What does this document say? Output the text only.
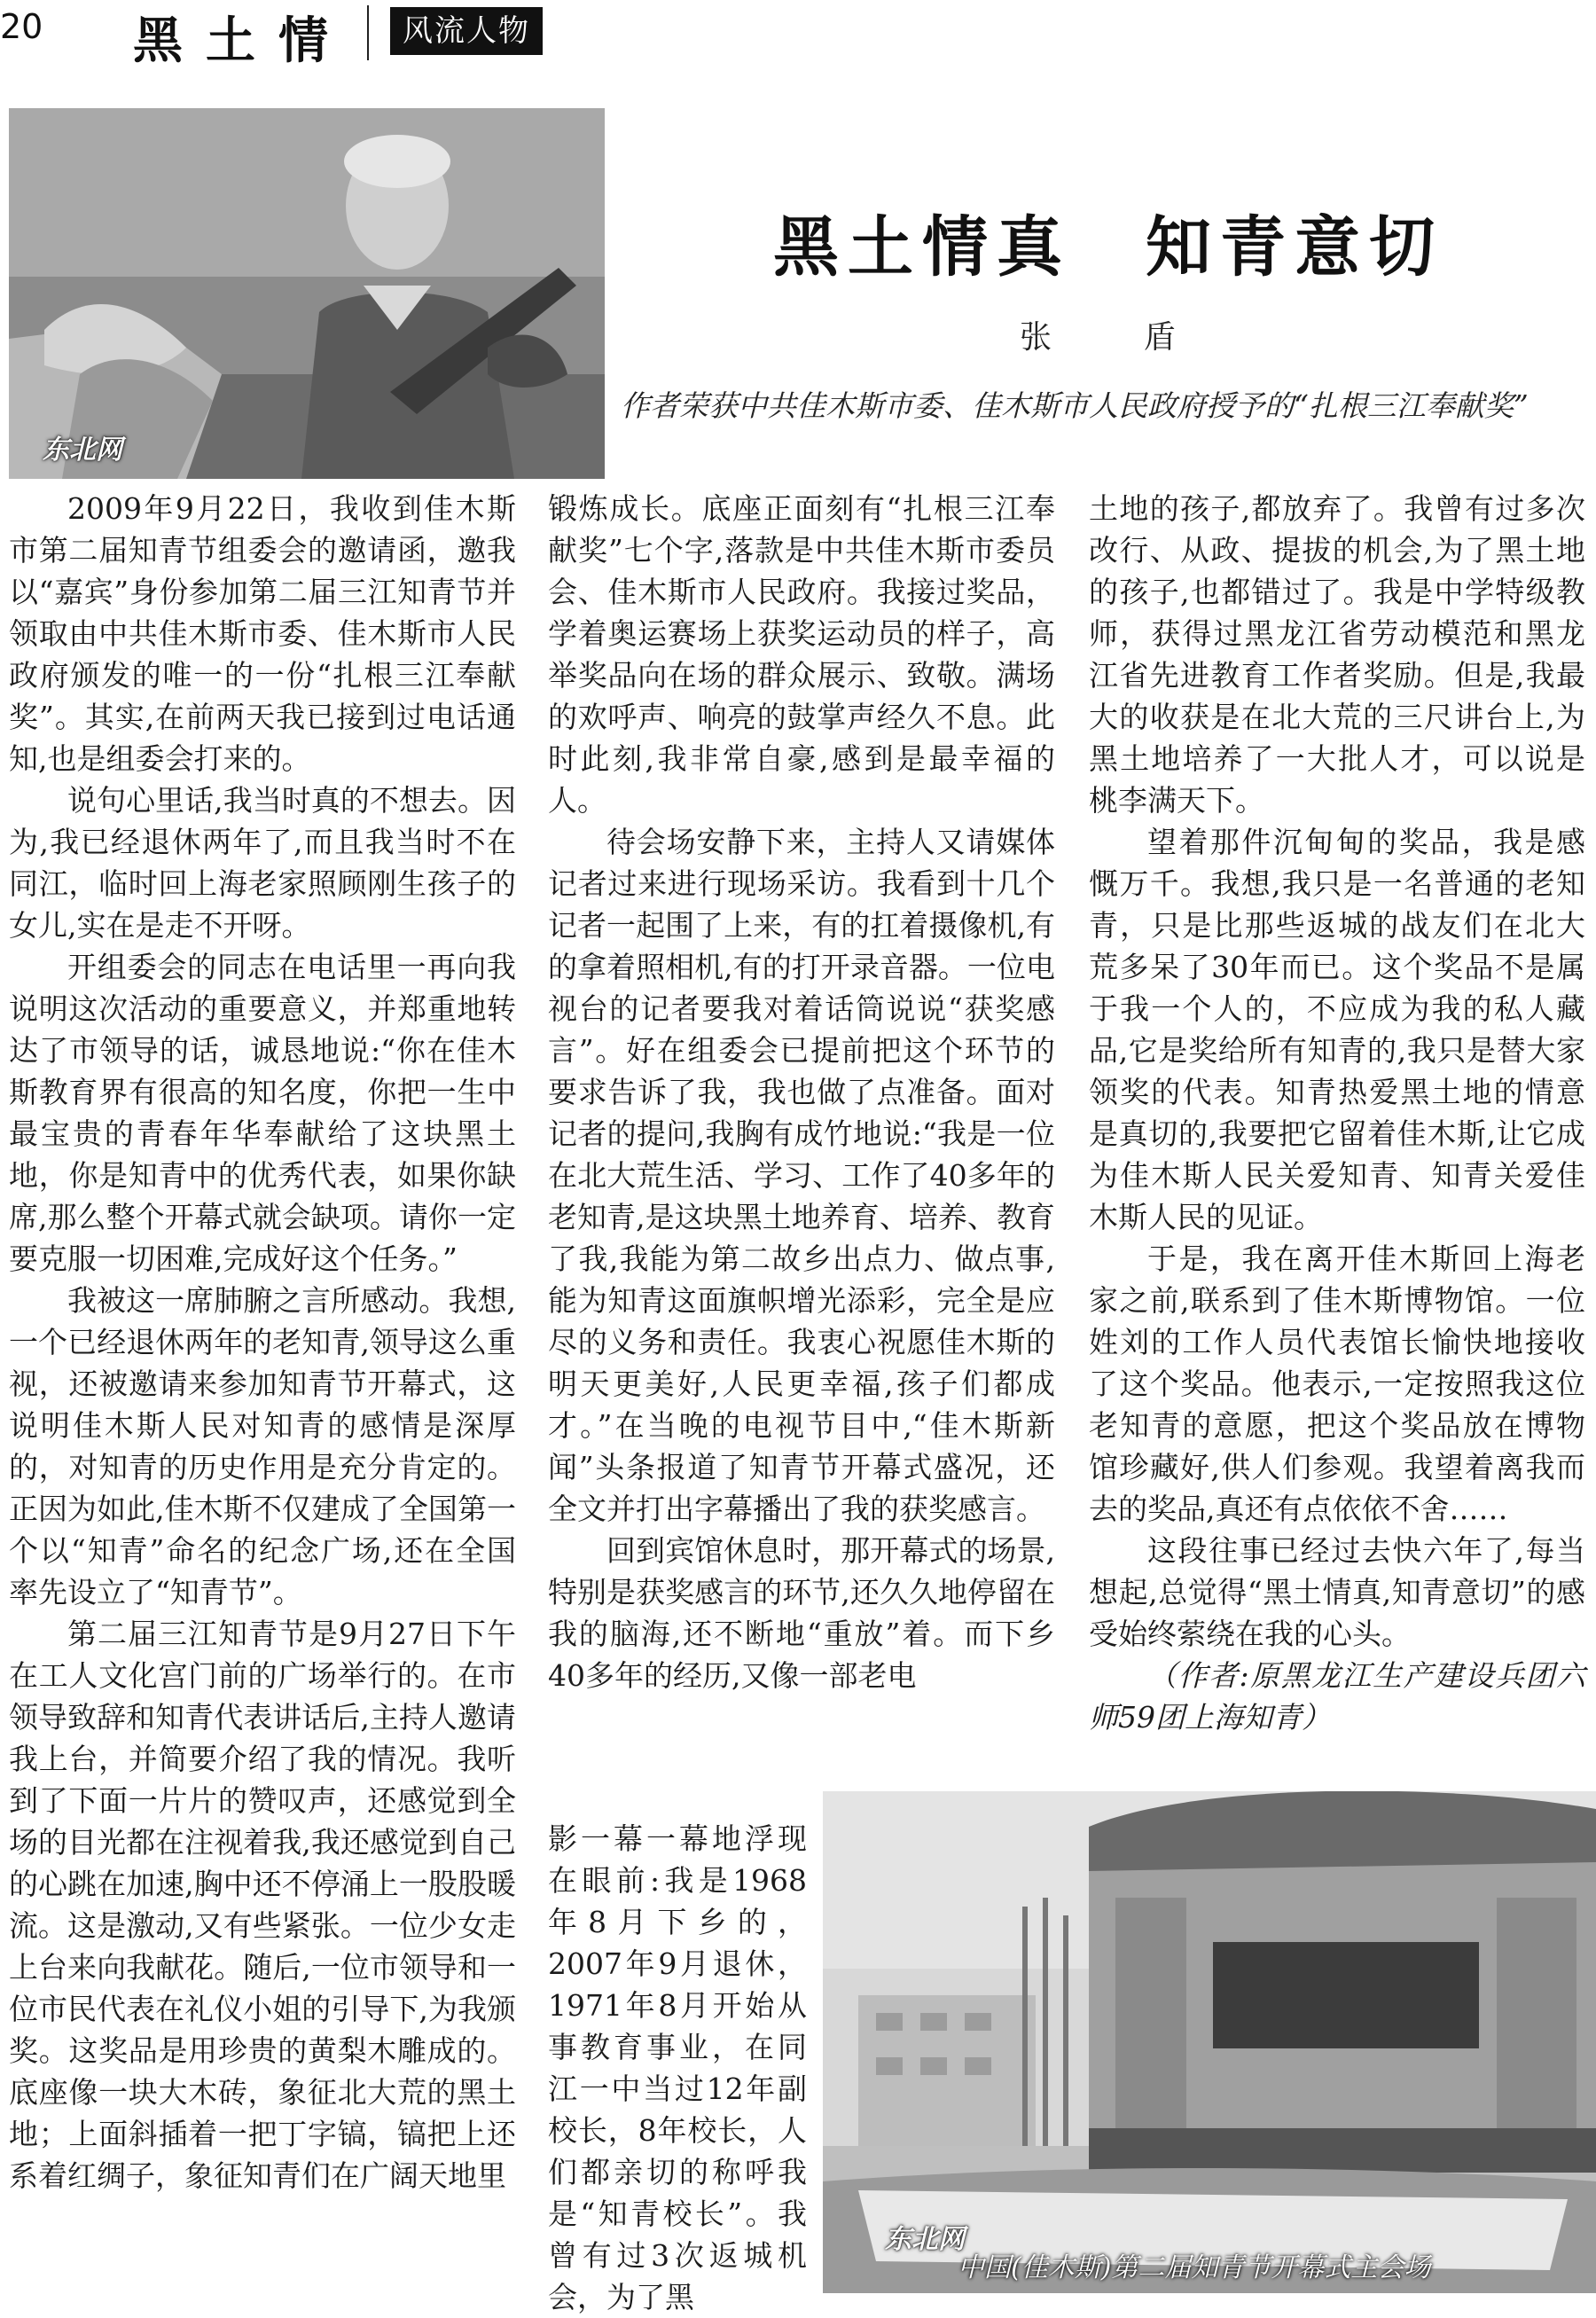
20 黑土情	风流人物
东北网
黑土情真　知青意切
张　盾
作者荣获中共佳木斯市委、佳木斯市人民政府授予的“扎根三江奉献奖”

2009年9月22日，我收到佳木斯市第二届知青节组委会的邀请函，邀我以“嘉宾”身份参加第二届三江知青节并领取由中共佳木斯市委、佳木斯市人民政府颁发的唯一的一份“扎根三江奉献奖”。其实,在前两天我已接到过电话通知,也是组委会打来的。

说句心里话,我当时真的不想去。因为,我已经退休两年了,而且我当时不在同江，临时回上海老家照顾刚生孩子的女儿,实在是走不开呀。

开组委会的同志在电话里一再向我说明这次活动的重要意义，并郑重地转达了市领导的话，诚恳地说:“你在佳木斯教育界有很高的知名度，你把一生中最宝贵的青春年华奉献给了这块黑土地，你是知青中的优秀代表，如果你缺席,那么整个开幕式就会缺项。请你一定要克服一切困难,完成好这个任务。”

我被这一席肺腑之言所感动。我想,一个已经退休两年的老知青,领导这么重视，还被邀请来参加知青节开幕式，这说明佳木斯人民对知青的感情是深厚的，对知青的历史作用是充分肯定的。正因为如此,佳木斯不仅建成了全国第一个以“知青”命名的纪念广场,还在全国率先设立了“知青节”。

第二届三江知青节是9月27日下午在工人文化宫门前的广场举行的。在市领导致辞和知青代表讲话后,主持人邀请我上台，并简要介绍了我的情况。我听到了下面一片片的赞叹声，还感觉到全场的目光都在注视着我,我还感觉到自己的心跳在加速,胸中还不停涌上一股股暖流。这是激动,又有些紧张。一位少女走上台来向我献花。随后,一位市领导和一位市民代表在礼仪小姐的引导下,为我颁奖。这奖品是用珍贵的黄梨木雕成的。底座像一块大木砖，象征北大荒的黑土地；上面斜插着一把丁字镐，镐把上还系着红绸子，象征知青们在广阔天地里

锻炼成长。底座正面刻有“扎根三江奉献奖”七个字,落款是中共佳木斯市委员会、佳木斯市人民政府。我接过奖品，学着奥运赛场上获奖运动员的样子，高举奖品向在场的群众展示、致敬。满场的欢呼声、响亮的鼓掌声经久不息。此时此刻,我非常自豪,感到是最幸福的人。

待会场安静下来，主持人又请媒体记者过来进行现场采访。我看到十几个记者一起围了上来，有的扛着摄像机,有的拿着照相机,有的打开录音器。一位电视台的记者要我对着话筒说说“获奖感言”。好在组委会已提前把这个环节的要求告诉了我，我也做了点准备。面对记者的提问,我胸有成竹地说:“我是一位在北大荒生活、学习、工作了40多年的老知青,是这块黑土地养育、培养、教育了我,我能为第二故乡出点力、做点事,能为知青这面旗帜增光添彩，完全是应尽的义务和责任。我衷心祝愿佳木斯的明天更美好,人民更幸福,孩子们都成才。”在当晚的电视节目中,“佳木斯新闻”头条报道了知青节开幕式盛况，还全文并打出字幕播出了我的获奖感言。

回到宾馆休息时，那开幕式的场景,特别是获奖感言的环节,还久久地停留在我的脑海,还不断地“重放”着。而下乡40多年的经历,又像一部老电

影一幕一幕地浮现在眼前:我是1968年8月下乡的，2007年9月退休，1971年8月开始从事教育事业，在同江一中当过12年副校长，8年校长，人们都亲切的称呼我是“知青校长”。我曾有过3次返城机会，为了黑

土地的孩子,都放弃了。我曾有过多次改行、从政、提拔的机会,为了黑土地的孩子,也都错过了。我是中学特级教师，获得过黑龙江省劳动模范和黑龙江省先进教育工作者奖励。但是,我最大的收获是在北大荒的三尺讲台上,为黑土地培养了一大批人才，可以说是桃李满天下。

望着那件沉甸甸的奖品，我是感慨万千。我想,我只是一名普通的老知青，只是比那些返城的战友们在北大荒多呆了30年而已。这个奖品不是属于我一个人的，不应成为我的私人藏品,它是奖给所有知青的,我只是替大家领奖的代表。知青热爱黑土地的情意是真切的,我要把它留着佳木斯,让它成为佳木斯人民关爱知青、知青关爱佳木斯人民的见证。

于是，我在离开佳木斯回上海老家之前,联系到了佳木斯博物馆。一位姓刘的工作人员代表馆长愉快地接收了这个奖品。他表示,一定按照我这位老知青的意愿，把这个奖品放在博物馆珍藏好,供人们参观。我望着离我而去的奖品,真还有点依依不舍……

这段往事已经过去快六年了,每当想起,总觉得“黑土情真,知青意切”的感受始终萦绕在我的心头。

（作者:原黑龙江生产建设兵团六师59团上海知青）

东北网
中国(佳木斯)第二届知青节开幕式主会场
